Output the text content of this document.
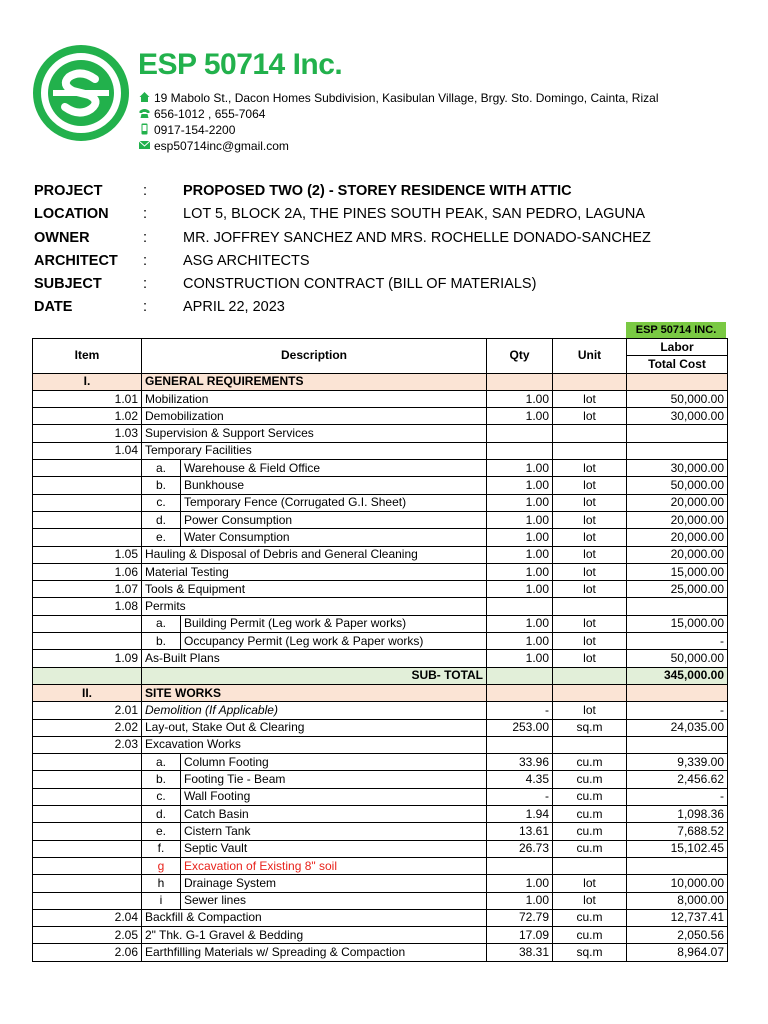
ESP 50714 Inc.
19 Mabolo St., Dacon Homes Subdivision, Kasibulan Village, Brgy. Sto. Domingo, Cainta, Rizal
656-1012 , 655-7064
0917-154-2200
esp50714inc@gmail.com
PROJECT	: PROPOSED TWO (2) - STOREY RESIDENCE WITH ATTIC
LOCATION : LOT 5, BLOCK 2A, THE PINES SOUTH PEAK, SAN PEDRO, LAGUNA
OWNER	: MR. JOFFREY SANCHEZ AND MRS. ROCHELLE DONADO-SANCHEZ
ARCHITECT : ASG ARCHITECTS
SUBJECT	: CONSTRUCTION CONTRACT (BILL OF MATERIALS)
DATE	: APRIL 22, 2023
ESP 50714 INC.
Item	Description		Qty	Unit	Labor
					Total Cost
I.	GENERAL REQUIREMENTS				
1.01	Mobilization		1.00	lot	50,000.00
1.02	Demobilization		1.00	lot	30,000.00
1.03	Supervision & Support Services				
1.04	Temporary Facilities				
	a.	Warehouse & Field Office	1.00	lot	30,000.00
	b.	Bunkhouse	1.00	lot	50,000.00
	c.	Temporary Fence (Corrugated G.I. Sheet)	1.00	lot	20,000.00
	d.	Power Consumption	1.00	lot	20,000.00
	e.	Water Consumption	1.00	lot	20,000.00
1.05	Hauling & Disposal of Debris and General Cleaning		1.00	lot	20,000.00
1.06	Material Testing		1.00	lot	15,000.00
1.07	Tools & Equipment		1.00	lot	25,000.00
1.08	Permits				
	a.	Building Permit (Leg work & Paper works)	1.00	lot	15,000.00
	b.	Occupancy Permit (Leg work & Paper works)	1.00	lot	-
1.09	As-Built Plans		1.00	lot	50,000.00
	SUB- TOTAL				345,000.00
II.	SITE WORKS				
2.01	Demolition (If Applicable)		-	lot	-
2.02	Lay-out, Stake Out & Clearing		253.00	sq.m	24,035.00
2.03	Excavation Works				
	a.	Column Footing	33.96	cu.m	9,339.00
	b.	Footing Tie - Beam	4.35	cu.m	2,456.62
	c.	Wall Footing	-	cu.m	-
	d.	Catch Basin	1.94	cu.m	1,098.36
	e.	Cistern Tank	13.61	cu.m	7,688.52
	f.	Septic Vault	26.73	cu.m	15,102.45
	g	Excavation of Existing 8" soil			
	h	Drainage System	1.00	lot	10,000.00
	i	Sewer lines	1.00	lot	8,000.00
2.04	Backfill & Compaction		72.79	cu.m	12,737.41
2.05	2" Thk. G-1 Gravel & Bedding		17.09	cu.m	2,050.56
2.06	Earthfilling Materials w/ Spreading & Compaction		38.31	sq.m	8,964.07
